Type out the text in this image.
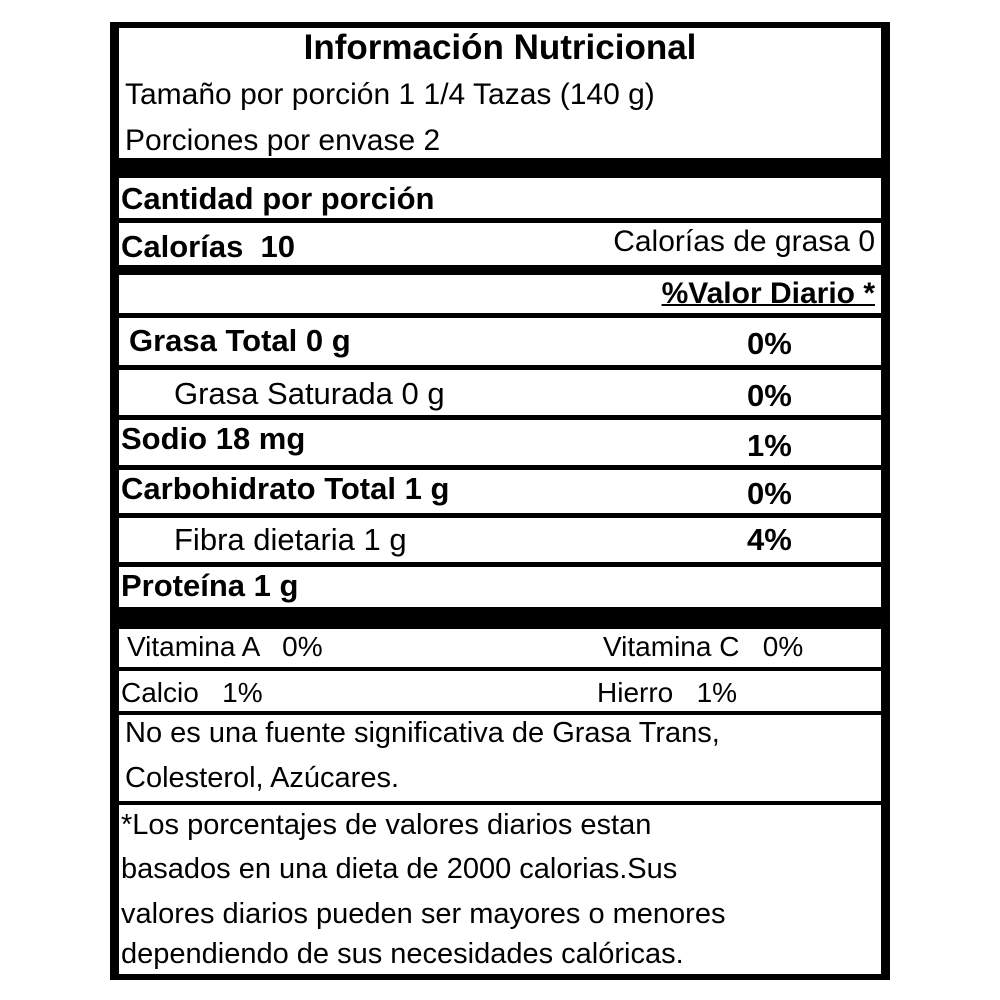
Información Nutricional
Tamaño por porción 1 1/4 Tazas (140 g)
Porciones por envase 2
Cantidad por porción
Calorías  10	Calorías de grasa 0
%Valor Diario *
Grasa Total 0 g	0%
Grasa Saturada 0 g	0%
Sodio 18 mg	1%
Carbohidrato Total 1 g	0%
Fibra dietaria 1 g	4%
Proteína 1 g
Vitamina A   0%	Vitamina C   0%
Calcio   1%	Hierro   1%
No es una fuente significativa de Grasa Trans,
Colesterol, Azúcares.
*Los porcentajes de valores diarios estan
basados en una dieta de 2000 calorias.Sus
valores diarios pueden ser mayores o menores
dependiendo de sus necesidades calóricas.
